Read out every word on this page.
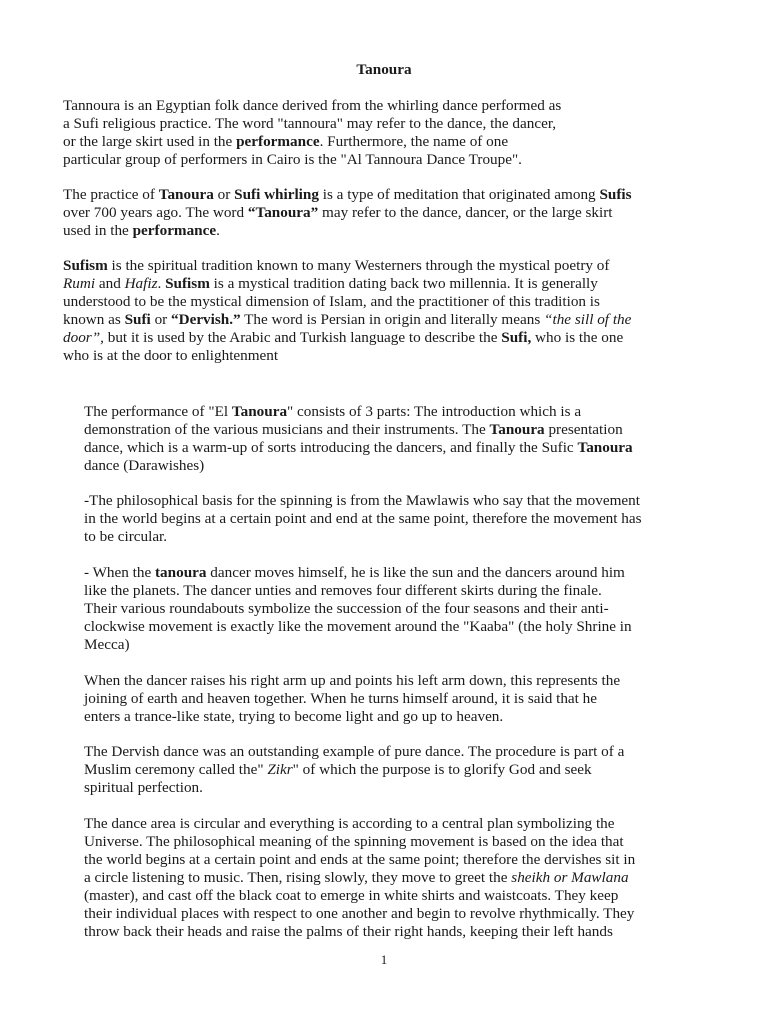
Tanoura
Tannoura is an Egyptian folk dance derived from the whirling dance performed as
a Sufi religious practice. The word "tannoura" may refer to the dance, the dancer,
or the large skirt used in the performance. Furthermore, the name of one
particular group of performers in Cairo is the "Al Tannoura Dance Troupe".
The practice of Tanoura or Sufi whirling is a type of meditation that originated among Sufis
over 700 years ago. The word “Tanoura” may refer to the dance, dancer, or the large skirt
used in the performance.
Sufism is the spiritual tradition known to many Westerners through the mystical poetry of
Rumi and Hafiz. Sufism is a mystical tradition dating back two millennia. It is generally
understood to be the mystical dimension of Islam, and the practitioner of this tradition is
known as Sufi or “Dervish.” The word is Persian in origin and literally means “the sill of the
door”, but it is used by the Arabic and Turkish language to describe the Sufi, who is the one
who is at the door to enlightenment
The performance of "El Tanoura" consists of 3 parts: The introduction which is a
demonstration of the various musicians and their instruments. The Tanoura presentation
dance, which is a warm-up of sorts introducing the dancers, and finally the Sufic Tanoura
dance (Darawishes)
-The philosophical basis for the spinning is from the Mawlawis who say that the movement
in the world begins at a certain point and end at the same point, therefore the movement has
to be circular.
- When the tanoura dancer moves himself, he is like the sun and the dancers around him
like the planets. The dancer unties and removes four different skirts during the finale.
Their various roundabouts symbolize the succession of the four seasons and their anti-
clockwise movement is exactly like the movement around the "Kaaba" (the holy Shrine in
Mecca)
When the dancer raises his right arm up and points his left arm down, this represents the
joining of earth and heaven together. When he turns himself around, it is said that he
enters a trance-like state, trying to become light and go up to heaven.
The Dervish dance was an outstanding example of pure dance. The procedure is part of a
Muslim ceremony called the" Zikr" of which the purpose is to glorify God and seek
spiritual perfection.
The dance area is circular and everything is according to a central plan symbolizing the
Universe. The philosophical meaning of the spinning movement is based on the idea that
the world begins at a certain point and ends at the same point; therefore the dervishes sit in
a circle listening to music. Then, rising slowly, they move to greet the sheikh or Mawlana
(master), and cast off the black coat to emerge in white shirts and waistcoats. They keep
their individual places with respect to one another and begin to revolve rhythmically. They
throw back their heads and raise the palms of their right hands, keeping their left hands
1
